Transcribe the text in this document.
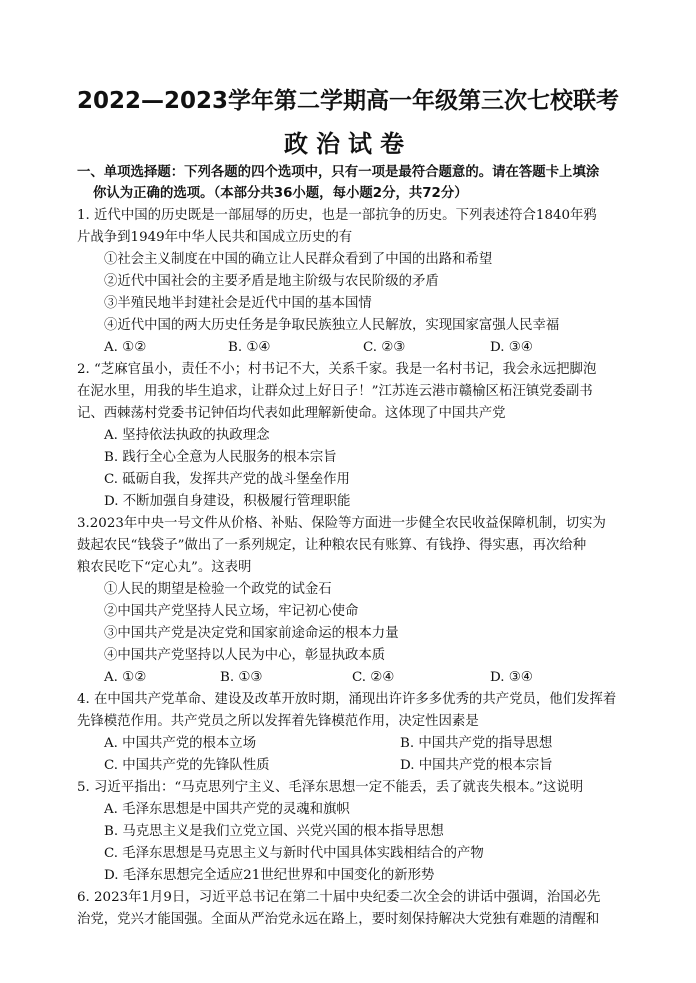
2022—2023学年第二学期高一年级第三次七校联考
政治试卷
一、单项选择题：下列各题的四个选项中，只有一项是最符合题意的。请在答题卡上填涂
你认为正确的选项。（本部分共36小题，每小题2分，共72分）
1. 近代中国的历史既是一部屈辱的历史，也是一部抗争的历史。下列表述符合1840年鸦
片战争到1949年中华人民共和国成立历史的有
①社会主义制度在中国的确立让人民群众看到了中国的出路和希望
②近代中国社会的主要矛盾是地主阶级与农民阶级的矛盾
③半殖民地半封建社会是近代中国的基本国情
④近代中国的两大历史任务是争取民族独立人民解放，实现国家富强人民幸福
A. ①②	B. ①④	C. ②③	D. ③④
2. “芝麻官虽小，责任不小；村书记不大，关系千家。我是一名村书记，我会永远把脚泡
在泥水里，用我的毕生追求，让群众过上好日子！”江苏连云港市赣榆区柘汪镇党委副书
记、西棘荡村党委书记钟佰均代表如此理解新使命。这体现了中国共产党
A. 坚持依法执政的执政理念
B. 践行全心全意为人民服务的根本宗旨
C. 砥砺自我，发挥共产党的战斗堡垒作用
D. 不断加强自身建设，积极履行管理职能
3.2023年中央一号文件从价格、补贴、保险等方面进一步健全农民收益保障机制，切实为
鼓起农民“钱袋子”做出了一系列规定，让种粮农民有账算、有钱挣、得实惠，再次给种
粮农民吃下“定心丸”。这表明
①人民的期望是检验一个政党的试金石
②中国共产党坚持人民立场，牢记初心使命
③中国共产党是决定党和国家前途命运的根本力量
④中国共产党坚持以人民为中心，彰显执政本质
A. ①②	B. ①③	C. ②④	D. ③④
4. 在中国共产党革命、建设及改革开放时期，涌现出许许多多优秀的共产党员，他们发挥着
先锋模范作用。共产党员之所以发挥着先锋模范作用，决定性因素是
A. 中国共产党的根本立场	B. 中国共产党的指导思想
C. 中国共产党的先锋队性质	D. 中国共产党的根本宗旨
5. 习近平指出：“马克思列宁主义、毛泽东思想一定不能丢，丢了就丧失根本。”这说明
A. 毛泽东思想是中国共产党的灵魂和旗帜
B. 马克思主义是我们立党立国、兴党兴国的根本指导思想
C. 毛泽东思想是马克思主义与新时代中国具体实践相结合的产物
D. 毛泽东思想完全适应21世纪世界和中国变化的新形势
6. 2023年1月9日，习近平总书记在第二十届中央纪委二次全会的讲话中强调，治国必先
治党，党兴才能国强。全面从严治党永远在路上，要时刻保持解决大党独有难题的清醒和
